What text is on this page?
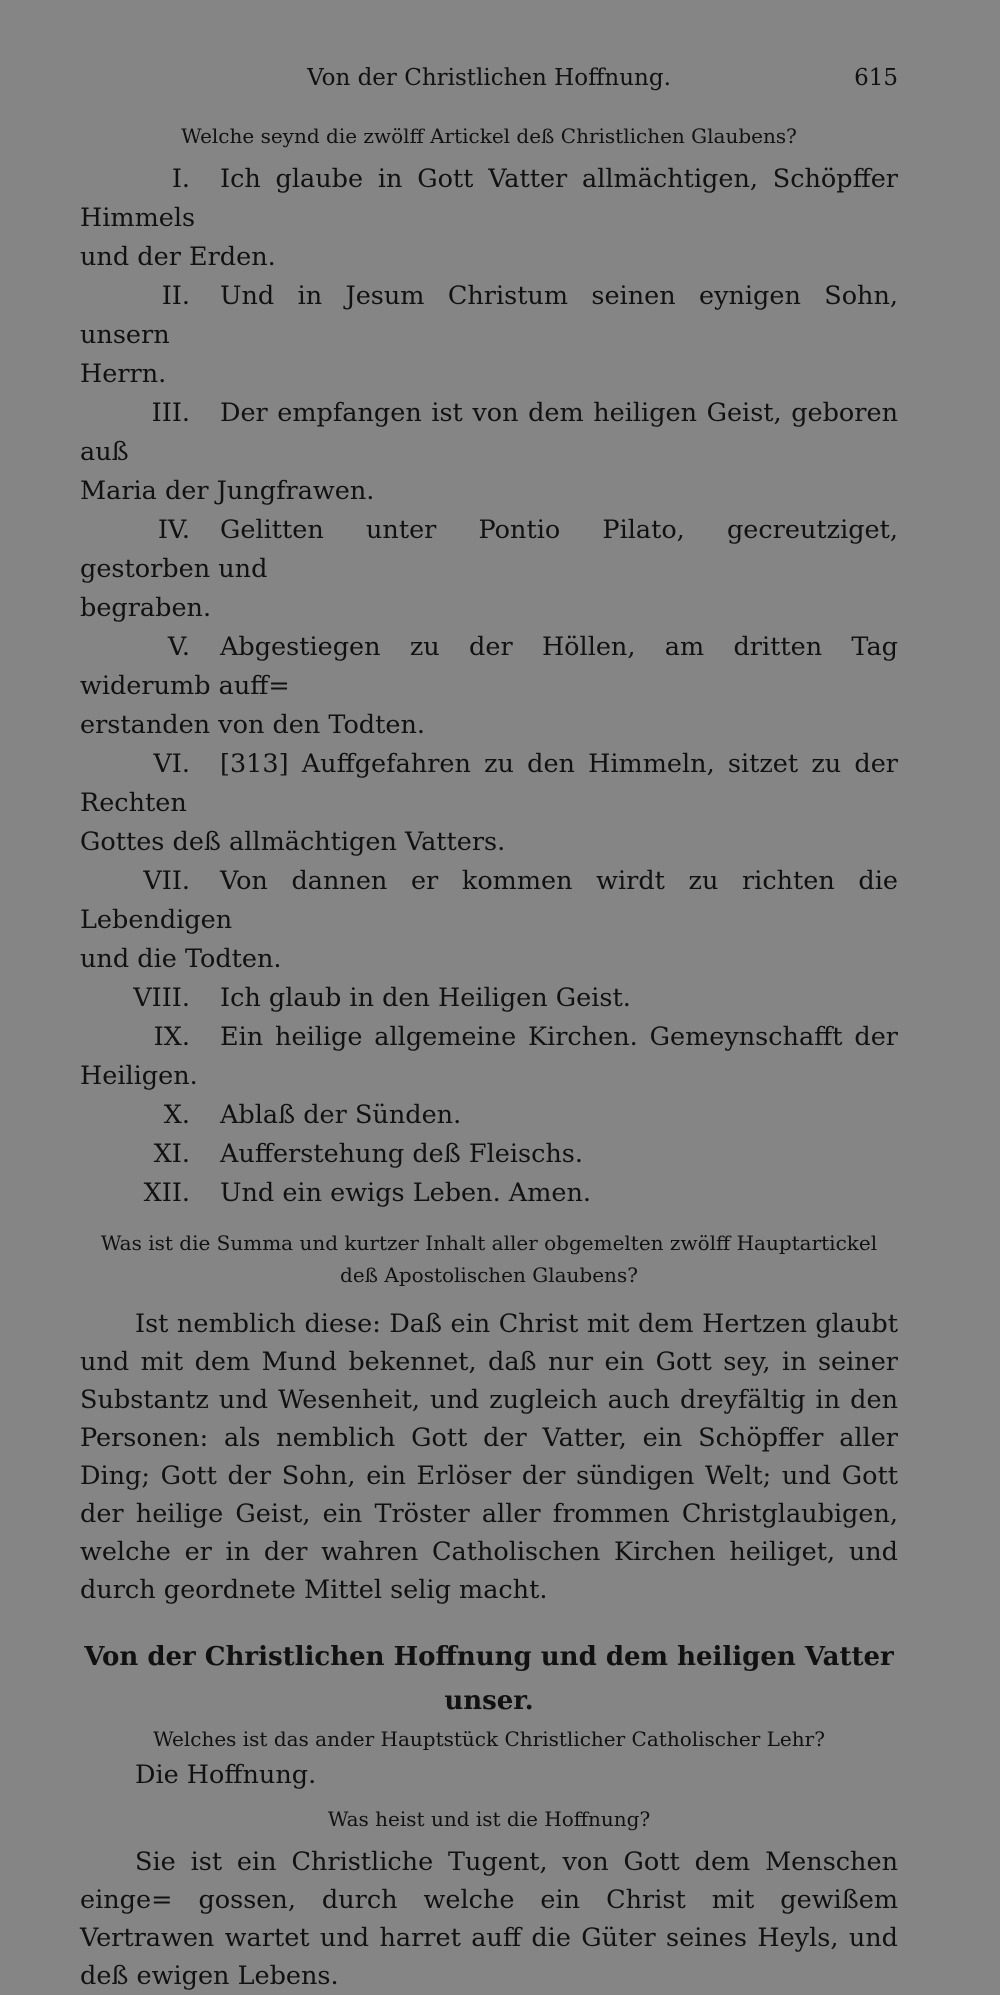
Von der Christlichen Hoffnung.	615
Welche seynd die zwölff Artickel deß Christlichen Glaubens?
I. Ich glaube in Gott Vatter allmächtigen, Schöpffer Himmels
und der Erden.
II. Und in Jesum Christum seinen eynigen Sohn, unsern
Herrn.
III. Der empfangen ist von dem heiligen Geist, geboren auß
Maria der Jungfrawen.
IV. Gelitten unter Pontio Pilato, gecreutziget, gestorben und
begraben.
V. Abgestiegen zu der Höllen, am dritten Tag widerumb auff=
erstanden von den Todten.
VI. [313] Auffgefahren zu den Himmeln, sitzet zu der Rechten
Gottes deß allmächtigen Vatters.
VII. Von dannen er kommen wirdt zu richten die Lebendigen
und die Todten.
VIII. Ich glaub in den Heiligen Geist.
IX. Ein heilige allgemeine Kirchen. Gemeynschafft der Heiligen.
X. Ablaß der Sünden.
XI. Aufferstehung deß Fleischs.
XII. Und ein ewigs Leben. Amen.
Was ist die Summa und kurtzer Inhalt aller obgemelten zwölff Hauptartickel
deß Apostolischen Glaubens?

Ist nemblich diese: Daß ein Christ mit dem Hertzen glaubt und mit dem Mund bekennet, daß nur ein Gott sey, in seiner Substantz und Wesenheit, und zugleich auch dreyfältig in den Personen: als nemblich Gott der Vatter, ein Schöpffer aller Ding; Gott der Sohn, ein Erlöser der sündigen Welt; und Gott der heilige Geist, ein Tröster aller frommen Christglaubigen, welche er in der wahren Catholischen Kirchen heiliget, und durch geordnete Mittel selig macht.

Von der Christlichen Hoffnung und dem heiligen Vatter unser.
Welches ist das ander Hauptstück Christlicher Catholischer Lehr?
Die Hoffnung.
Was heist und ist die Hoffnung?

Sie ist ein Christliche Tugent, von Gott dem Menschen einge= gossen, durch welche ein Christ mit gewißem Vertrawen wartet und harret auff die Güter seines Heyls, und deß ewigen Lebens.
